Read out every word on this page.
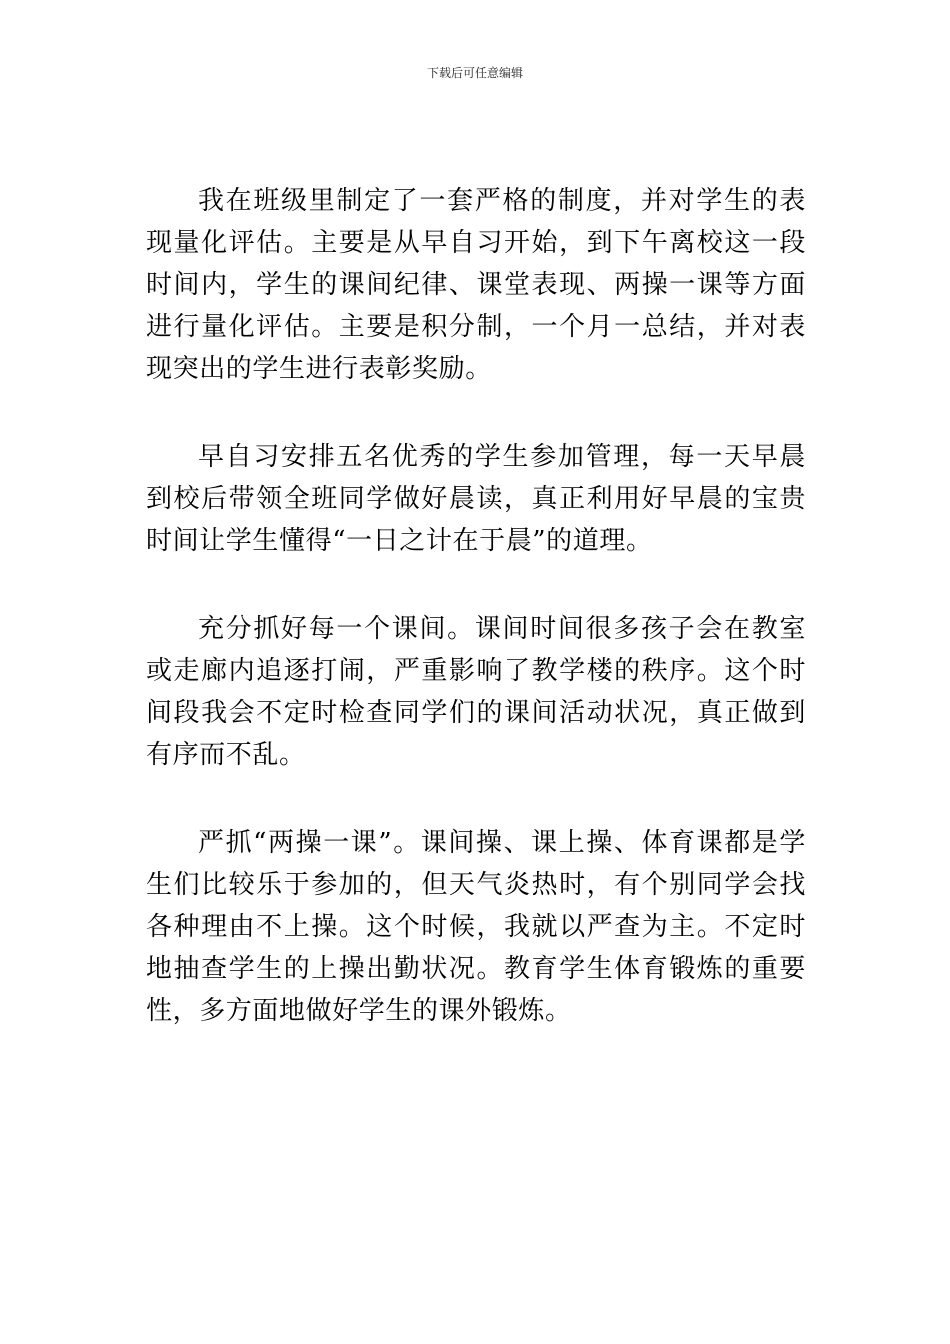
下载后可任意编辑

我在班级里制定了一套严格的制度，并对学生的表现量化评估。主要是从早自习开始，到下午离校这一段时间内，学生的课间纪律、课堂表现、两操一课等方面进行量化评估。主要是积分制，一个月一总结，并对表现突出的学生进行表彰奖励。

早自习安排五名优秀的学生参加管理，每一天早晨到校后带领全班同学做好晨读，真正利用好早晨的宝贵时间让学生懂得“一日之计在于晨”的道理。

充分抓好每一个课间。课间时间很多孩子会在教室或走廊内追逐打闹，严重影响了教学楼的秩序。这个时间段我会不定时检查同学们的课间活动状况，真正做到有序而不乱。

严抓“两操一课”。课间操、课上操、体育课都是学生们比较乐于参加的，但天气炎热时，有个别同学会找各种理由不上操。这个时候，我就以严查为主。不定时地抽查学生的上操出勤状况。教育学生体育锻炼的重要性，多方面地做好学生的课外锻炼。
